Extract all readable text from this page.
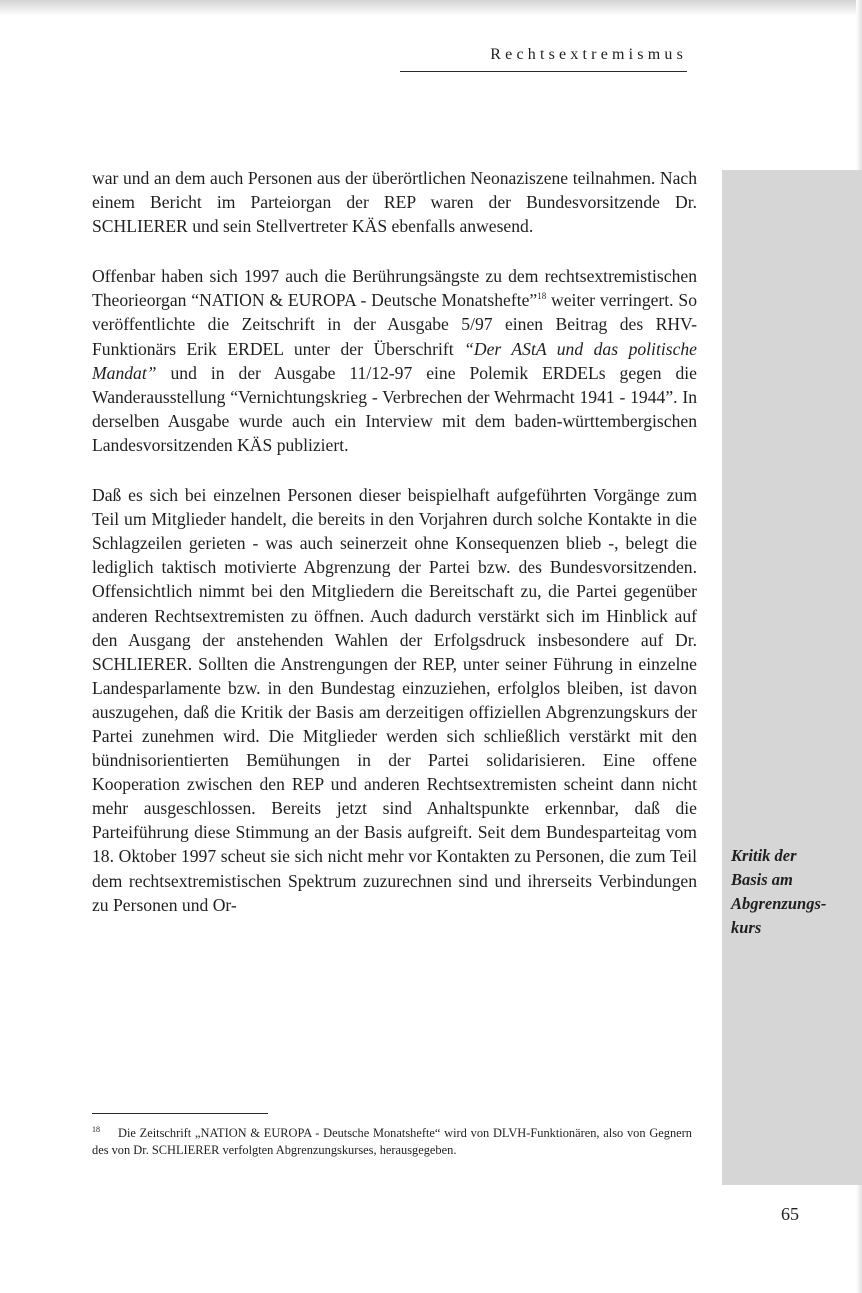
Rechtsextremismus

war und an dem auch Personen aus der überörtlichen Neonaziszene teilnahmen. Nach einem Bericht im Parteiorgan der REP waren der Bundesvorsitzende Dr. SCHLIERER und sein Stellvertreter KÄS ebenfalls anwesend.

Offenbar haben sich 1997 auch die Berührungsängste zu dem rechtsextremistischen Theorieorgan “NATION & EUROPA - Deutsche Monatshefte”$^{18}$ weiter verringert. So veröffentlichte die Zeitschrift in der Ausgabe 5/97 einen Beitrag des RHV-Funktionärs Erik ERDEL unter der Überschrift “Der AStA und das politische Mandat” und in der Ausgabe 11/12-97 eine Polemik ERDELs gegen die Wanderausstellung “Vernichtungskrieg - Verbrechen der Wehrmacht 1941 - 1944”. In derselben Ausgabe wurde auch ein Interview mit dem baden-württembergischen Landesvorsitzenden KÄS publiziert.

Daß es sich bei einzelnen Personen dieser beispielhaft aufgeführten Vorgänge zum Teil um Mitglieder handelt, die bereits in den Vorjahren durch solche Kontakte in die Schlagzeilen gerieten - was auch seinerzeit ohne Konsequenzen blieb -, belegt die lediglich taktisch motivierte Abgrenzung der Partei bzw. des Bundesvorsitzenden. Offensichtlich nimmt bei den Mitgliedern die Bereitschaft zu, die Partei gegenüber anderen Rechtsextremisten zu öffnen. Auch dadurch verstärkt sich im Hinblick auf den Ausgang der anstehenden Wahlen der Erfolgsdruck insbesondere auf Dr. SCHLIERER. Sollten die Anstrengungen der REP, unter seiner Führung in einzelne Landesparlamente bzw. in den Bundestag einzuziehen, erfolglos bleiben, ist davon auszugehen, daß die Kritik der Basis am derzeitigen offiziellen Abgrenzungskurs der Partei zunehmen wird. Die Mitglieder werden sich schließlich verstärkt mit den bündnisorientierten Bemühungen in der Partei solidarisieren. Eine offene Kooperation zwischen den REP und anderen Rechtsextremisten scheint dann nicht mehr ausgeschlossen. Bereits jetzt sind Anhaltspunkte erkennbar, daß die Parteiführung diese Stimmung an der Basis aufgreift. Seit dem Bundesparteitag vom 18. Oktober 1997 scheut sie sich nicht mehr vor Kontakten zu Personen, die zum Teil dem rechtsextremistischen Spektrum zuzurechnen sind und ihrerseits Verbindungen zu Personen und Or-

Kritik der
Basis am
Abgrenzungs-
kurs
$^{18}$ Die Zeitschrift „NATION & EUROPA - Deutsche Monatshefte“ wird von DLVH-Funktionären, also von Gegnern des von Dr. SCHLIERER verfolgten Abgrenzungskurses, herausgegeben.
65
